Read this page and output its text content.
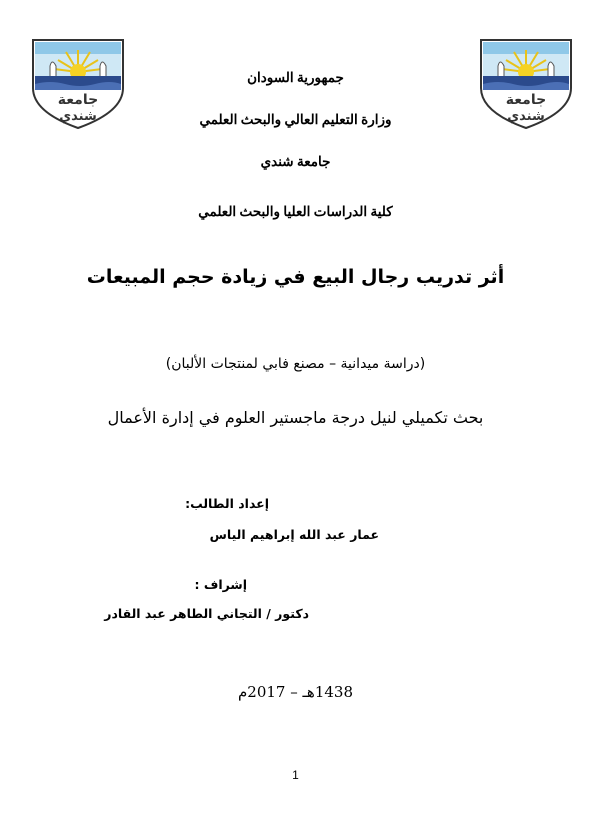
جامعة
شندي
جامعة
شندي
جمهورية السودان
وزارة التعليم العالي والبحث العلمي
جامعة شندي
كلية الدراسات العليا والبحث العلمي
أثر تدريب رجال البيع في زيادة حجم المبيعات
(دراسة ميدانية – مصنع فابي لمنتجات الألبان)
بحث تكميلي لنيل درجة ماجستير العلوم في إدارة الأعمال
إعداد الطالب:
عمار عبد الله إبراهيم الياس
إشراف :
دكتور / التجاني الطاهر عبد القادر
1438هـ – 2017م
1
